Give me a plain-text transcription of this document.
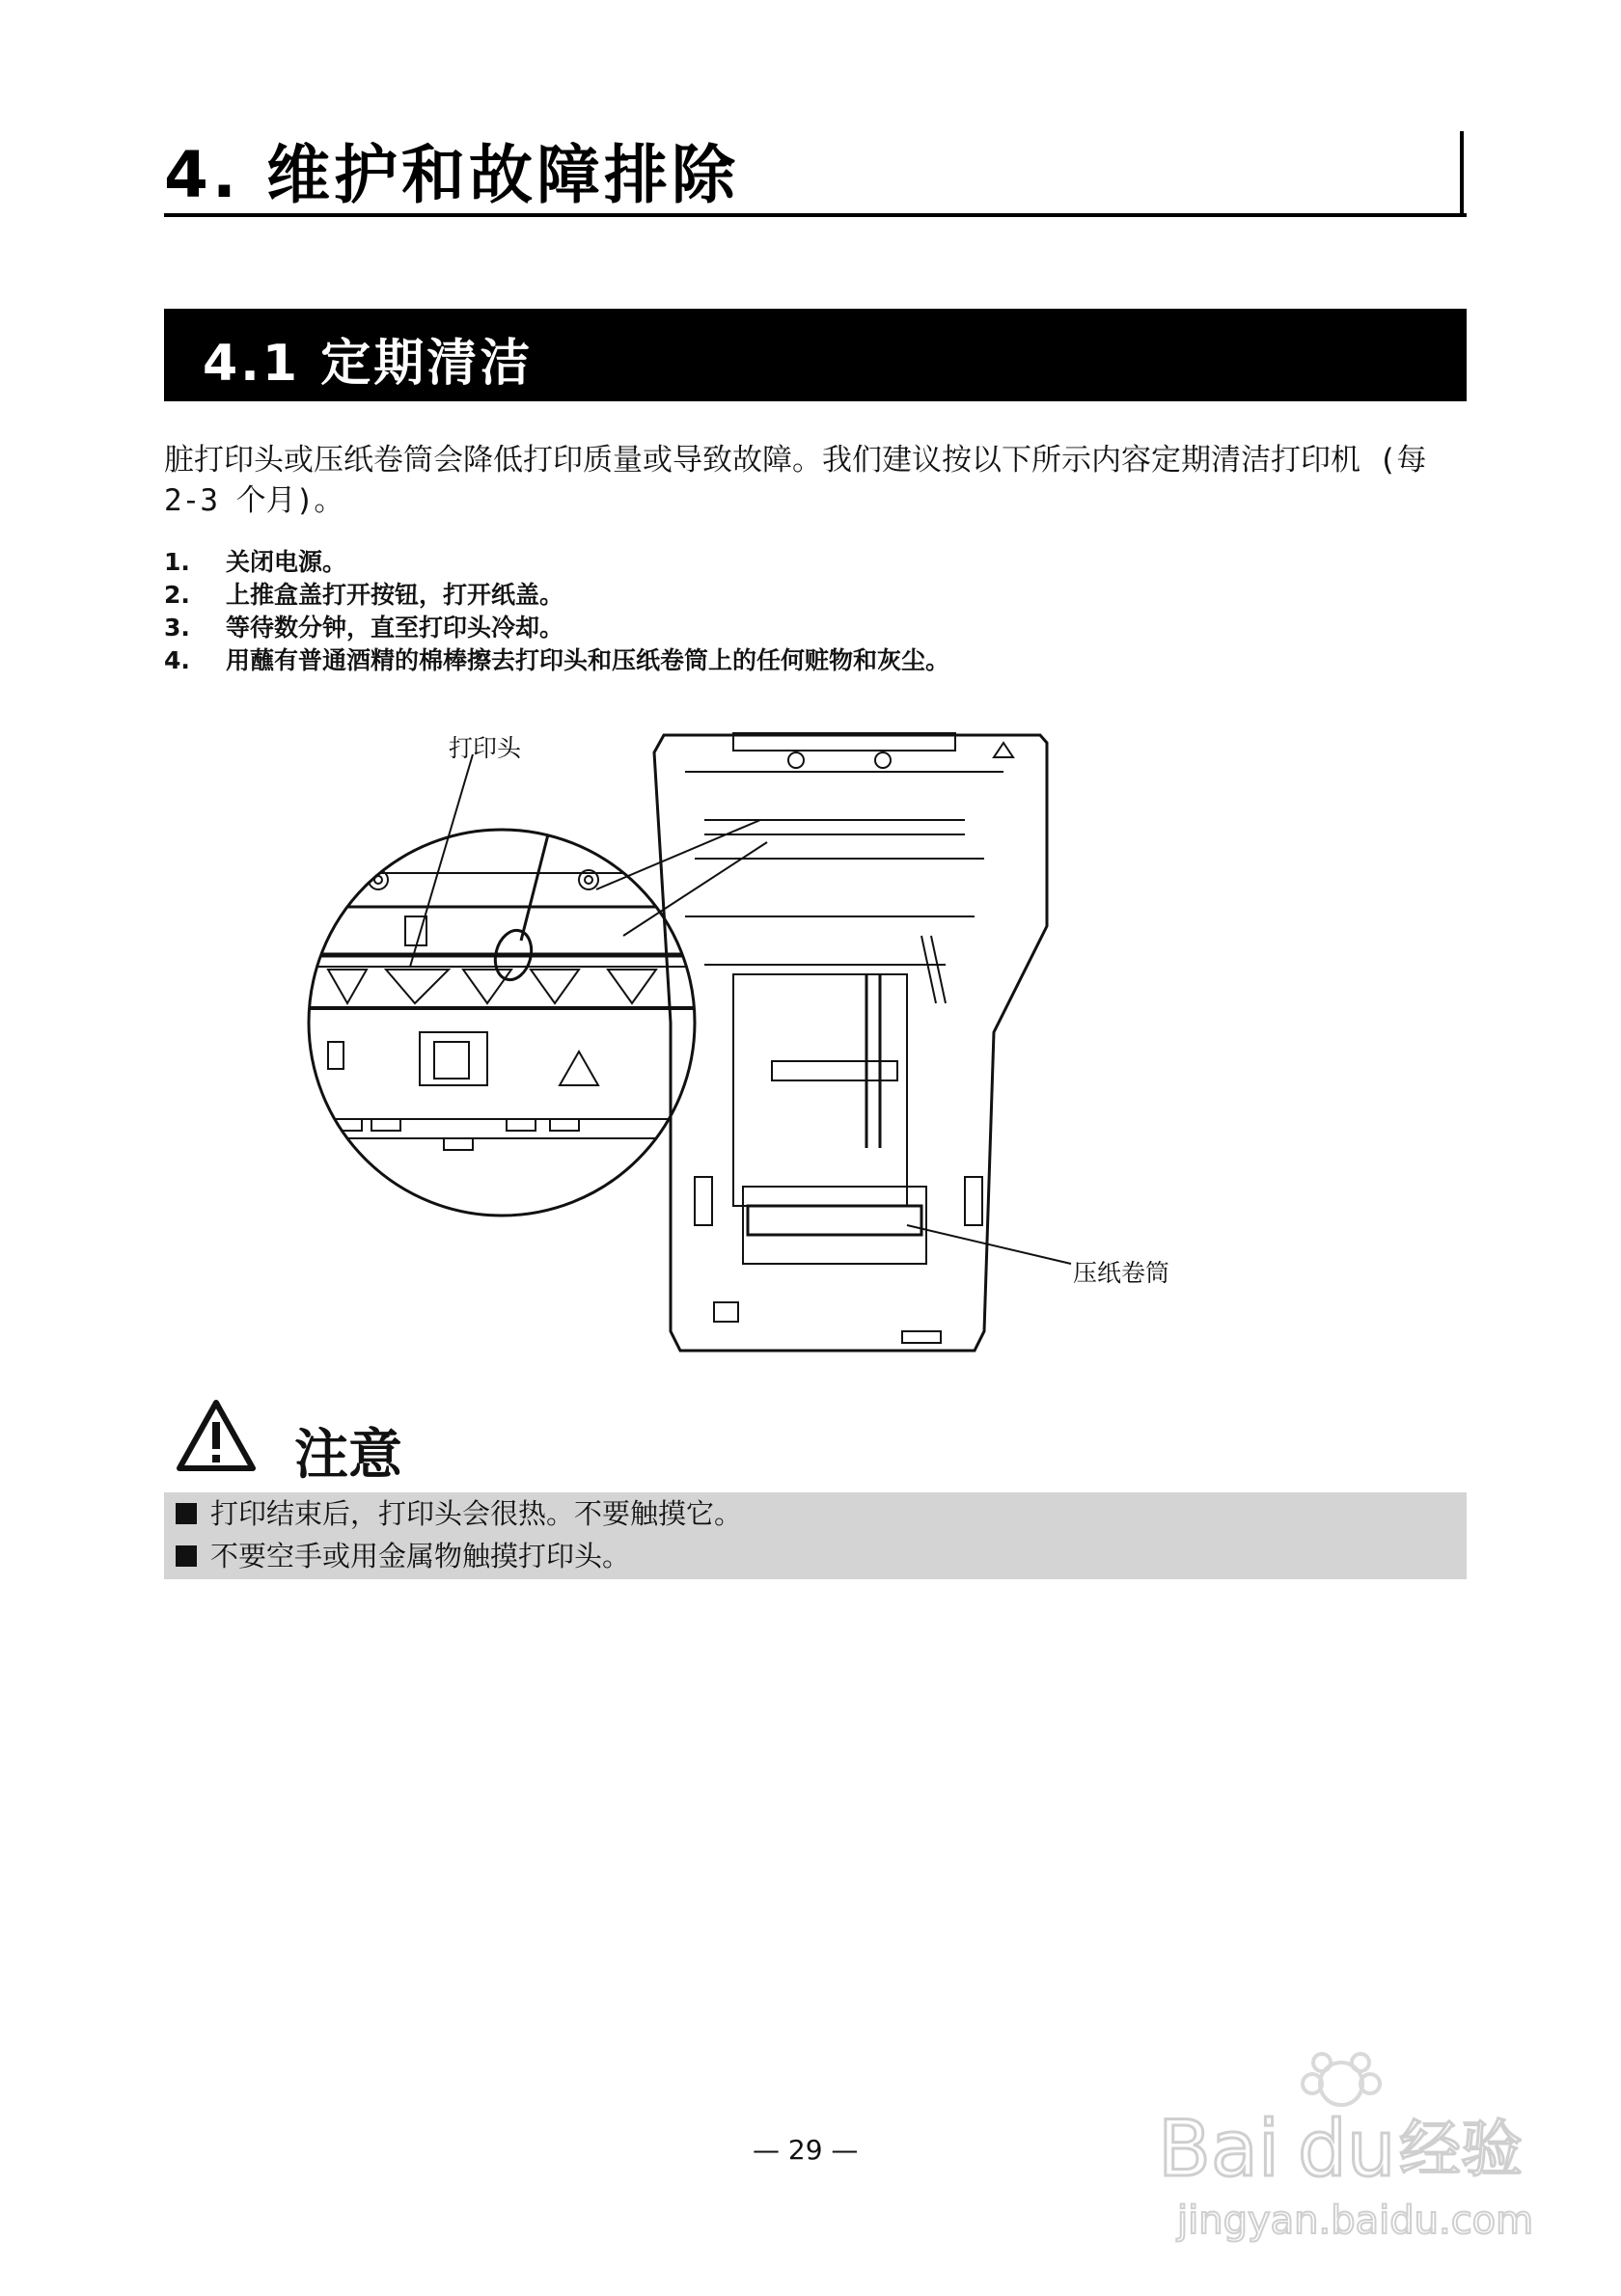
4. 维护和故障排除
4.1 定期清洁
脏打印头或压纸卷筒会降低打印质量或导致故障。我们建议按以下所示内容定期清洁打印机 (每 2-3 个月)。
1.	关闭电源。
2.	上推盒盖打开按钮，打开纸盖。
3.	等待数分钟，直至打印头冷却。
4.	用蘸有普通酒精的棉棒擦去打印头和压纸卷筒上的任何赃物和灰尘。
打印头
压纸卷筒
注意
打印结束后，打印头会很热。不要触摸它。
不要空手或用金属物触摸打印头。
— 29 —	Bai du 经验
jingyan.baidu.com
